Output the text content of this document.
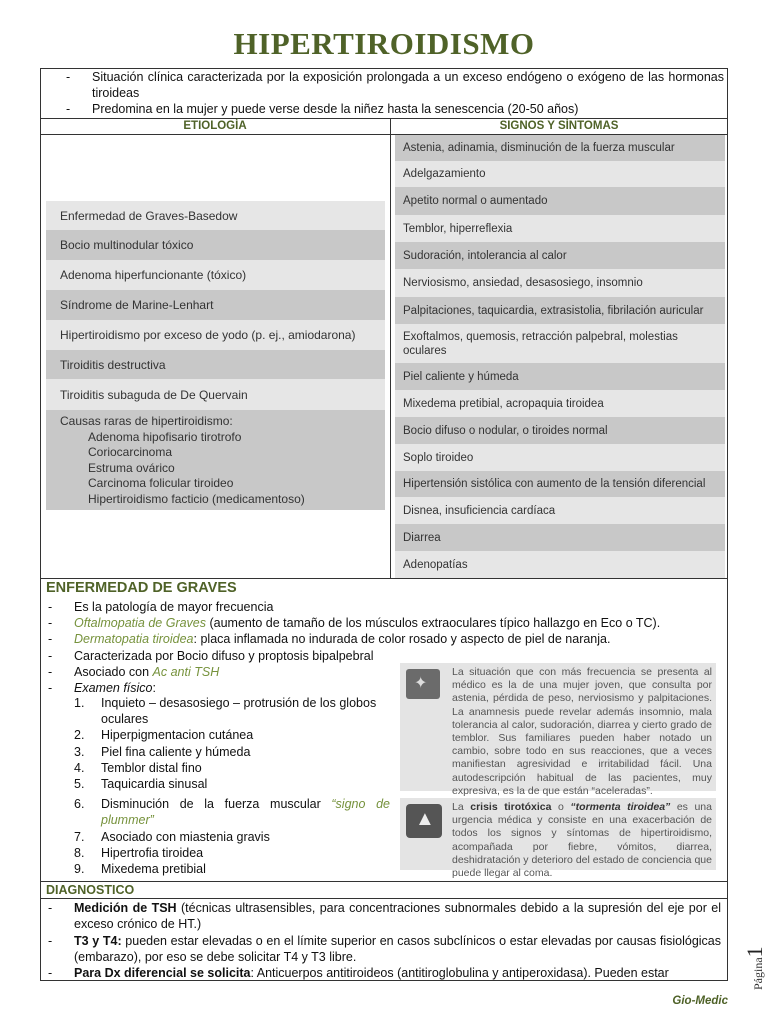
HIPERTIROIDISMO
- Situación clínica caracterizada por la exposición prolongada a un exceso endógeno o exógeno de las hormonas tiroideas
- Predomina en la mujer y puede verse desde la niñez hasta la senescencia (20-50 años)
ETIOLOGÍA	SIGNOS Y SÍNTOMAS
Enfermedad de Graves-Basedow
Bocio multinodular tóxico
Adenoma hiperfuncionante (tóxico)
Síndrome de Marine-Lenhart
Hipertiroidismo por exceso de yodo (p. ej., amiodarona)
Tiroiditis destructiva
Tiroiditis subaguda de De Quervain
Causas raras de hipertiroidismo:
Adenoma hipofisario tirotrofo
Coriocarcinoma
Estruma ovárico
Carcinoma folicular tiroideo
Hipertiroidismo facticio (medicamentoso)
Astenia, adinamia, disminución de la fuerza muscular
Adelgazamiento
Apetito normal o aumentado
Temblor, hiperreflexia
Sudoración, intolerancia al calor
Nerviosismo, ansiedad, desasosiego, insomnio
Palpitaciones, taquicardia, extrasistolia, fibrilación auricular
Exoftalmos, quemosis, retracción palpebral, molestias oculares
Piel caliente y húmeda
Mixedema pretibial, acropaquia tiroidea
Bocio difuso o nodular, o tiroides normal
Soplo tiroideo
Hipertensión sistólica con aumento de la tensión diferencial
Disnea, insuficiencia cardíaca
Diarrea
Adenopatías
ENFERMEDAD DE GRAVES
- Es la patología de mayor frecuencia
- Oftalmopatia de Graves (aumento de tamaño de los músculos extraoculares típico hallazgo en Eco o TC).
- Dermatopatia tiroidea: placa inflamada no indurada de color rosado y aspecto de piel de naranja.
- Caracterizada por Bocio difuso y proptosis bipalpebral
- Asociado con Ac anti TSH
- Examen físico:
1.	Inquieto – desasosiego – protrusión de los globos oculares
2.	Hiperpigmentacion cutánea
3.	Piel fina caliente y húmeda
4.	Temblor distal fino
5.	Taquicardia sinusal
6.	Disminución de la fuerza muscular “signo de plummer”
7.	Asociado con miastenia gravis
8.	Hipertrofia tiroidea
9.	Mixedema pretibial
✦
La situación que con más frecuencia se presenta al médico es la de una mujer joven, que consulta por astenia, pérdida de peso, nerviosismo y palpitaciones. La anamnesis puede revelar además insomnio, mala tolerancia al calor, sudoración, diarrea y cierto grado de temblor. Sus familiares pueden haber notado un cambio, sobre todo en sus reacciones, que a veces manifiestan agresividad e irritabilidad fácil. Una autodescripción habitual de las pacientes, muy expresiva, es la de que están “aceleradas”.
▲
La crisis tirotóxica o “tormenta tiroidea” es una urgencia médica y consiste en una exacerbación de todos los signos y síntomas de hipertiroidismo, acompañada por fiebre, vómitos, diarrea, deshidratación y deterioro del estado de conciencia que puede llegar al coma.
DIAGNOSTICO
- Medición de TSH (técnicas ultrasensibles, para concentraciones subnormales debido a la supresión del eje por el exceso crónico de HT.)
- T3 y T4: pueden estar elevadas o en el límite superior en casos subclínicos o estar elevadas por causas fisiológicas (embarazo), por eso se debe solicitar T4 y T3 libre.
- Para Dx diferencial se solicita: Anticuerpos antitiroideos (antitiroglobulina y antiperoxidasa). Pueden estar	Página1
Gio-Medic
